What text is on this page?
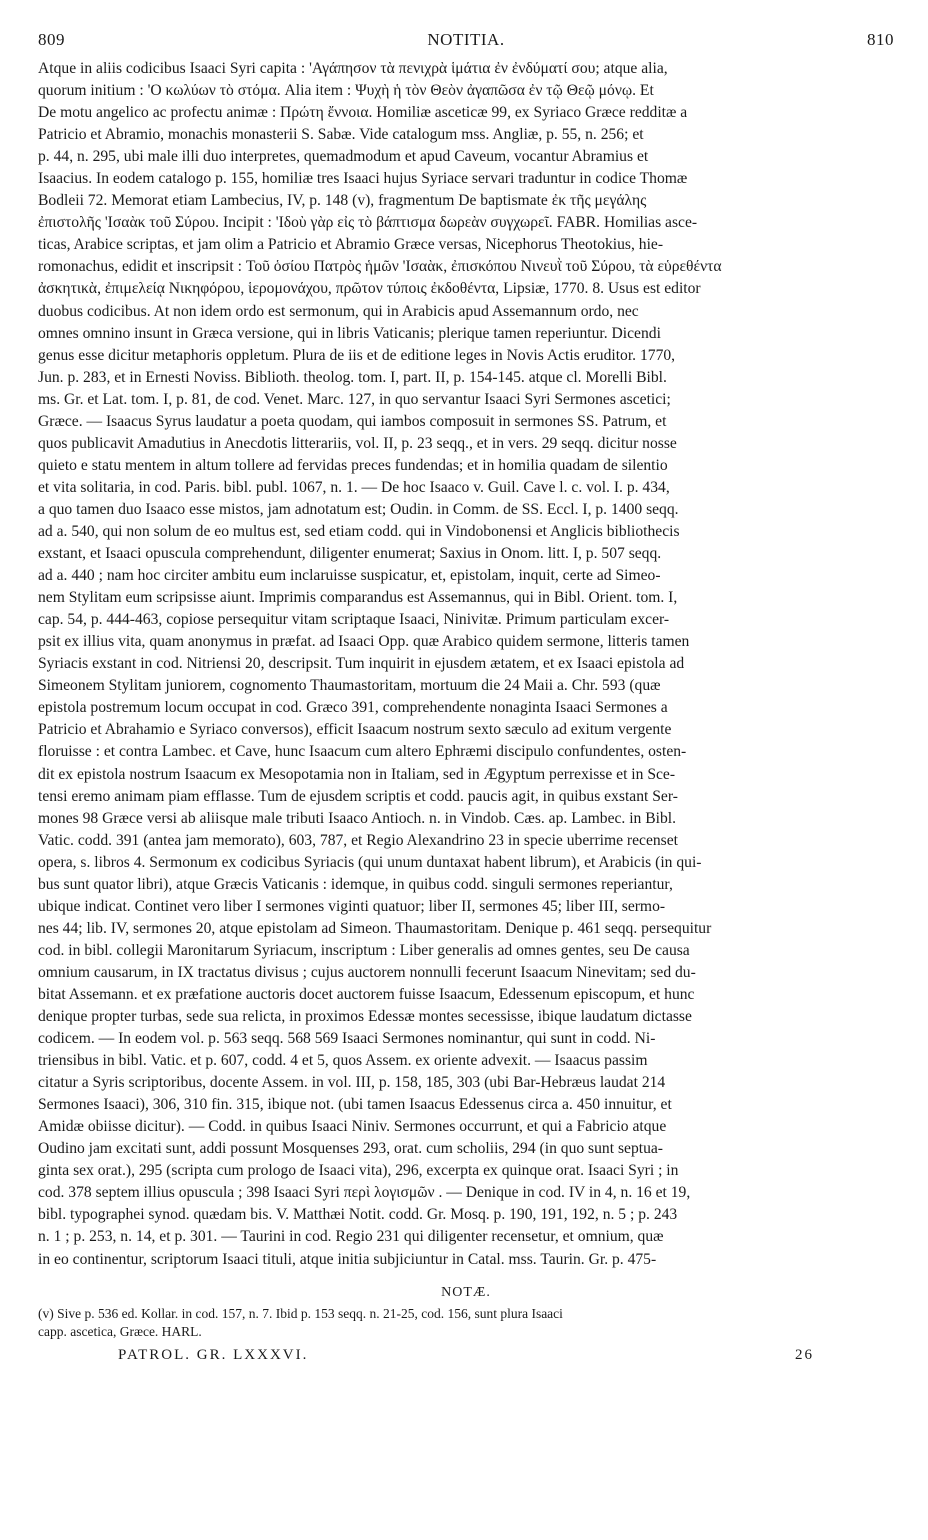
809	NOTITIA.	810
Atque in aliis codicibus Isaaci Syri capita : 'Αγάπησον τὰ πενιχρὰ ἱμάτια ἐν ἐνδύματί σου; atque alia,
quorum initium : 'Ο κωλύων τὸ στόμα. Alia item : Ψυχὴ ἡ τὸν Θεὸν ἀγαπῶσα ἐν τῷ Θεῷ μόνῳ. Et
De motu angelico ac profectu animæ : Πρώτη ἔννοια. Homiliæ asceticæ 99, ex Syriaco Græce redditæ a
Patricio et Abramio, monachis monasterii S. Sabæ. Vide catalogum mss. Angliæ, p. 55, n. 256; et
p. 44, n. 295, ubi male illi duo interpretes, quemadmodum et apud Caveum, vocantur Abramius et
Isaacius. In eodem catalogo p. 155, homiliæ tres Isaaci hujus Syriace servari traduntur in codice Thomæ
Bodleii 72. Memorat etiam Lambecius, IV, p. 148 (v), fragmentum De baptismate ἐκ τῆς μεγάλης
ἐπιστολῆς 'Ισαὰκ τοῦ Σύρου. Incipit : 'Ιδοὺ γὰρ εἰς τὸ βάπτισμα δωρεὰν συγχωρεῖ. FABR. Homilias asce-
ticas, Arabice scriptas, et jam olim a Patricio et Abramio Græce versas, Nicephorus Theotokius, hie-
romonachus, edidit et inscripsit : Τοῦ ὁσίου Πατρὸς ἡμῶν 'Ισαὰκ, ἐπισκόπου Νινευῒ τοῦ Σύρου, τὰ εὑρεθέντα
ἀσκητικὰ, ἐπιμελείᾳ Νικηφόρου, ἱερομονάχου, πρῶτον τύποις ἐκδοθέντα, Lipsiæ, 1770. 8. Usus est editor
duobus codicibus. At non idem ordo est sermonum, qui in Arabicis apud Assemannum ordo, nec
omnes omnino insunt in Græca versione, qui in libris Vaticanis; plerique tamen reperiuntur. Dicendi
genus esse dicitur metaphoris oppletum. Plura de iis et de editione leges in Novis Actis eruditor. 1770,
Jun. p. 283, et in Ernesti Noviss. Biblioth. theolog. tom. I, part. II, p. 154-145. atque cl. Morelli Bibl.
ms. Gr. et Lat. tom. I, p. 81, de cod. Venet. Marc. 127, in quo servantur Isaaci Syri Sermones ascetici;
Græce. — Isaacus Syrus laudatur a poeta quodam, qui iambos composuit in sermones SS. Patrum, et
quos publicavit Amadutius in Anecdotis litterariis, vol. II, p. 23 seqq., et in vers. 29 seqq. dicitur nosse
quieto e statu mentem in altum tollere ad fervidas preces fundendas; et in homilia quadam de silentio
et vita solitaria, in cod. Paris. bibl. publ. 1067, n. 1. — De hoc Isaaco v. Guil. Cave l. c. vol. I. p. 434,
a quo tamen duo Isaaco esse mistos, jam adnotatum est; Oudin. in Comm. de SS. Eccl. I, p. 1400 seqq.
ad a. 540, qui non solum de eo multus est, sed etiam codd. qui in Vindobonensi et Anglicis bibliothecis
exstant, et Isaaci opuscula comprehendunt, diligenter enumerat; Saxius in Onom. litt. I, p. 507 seqq.
ad a. 440 ; nam hoc circiter ambitu eum inclaruisse suspicatur, et, epistolam, inquit, certe ad Simeo-
nem Stylitam eum scripsisse aiunt. Imprimis comparandus est Assemannus, qui in Bibl. Orient. tom. I,
cap. 54, p. 444-463, copiose persequitur vitam scriptaque Isaaci, Ninivitæ. Primum particulam excer-
psit ex illius vita, quam anonymus in præfat. ad Isaaci Opp. quæ Arabico quidem sermone, litteris tamen
Syriacis exstant in cod. Nitriensi 20, descripsit. Tum inquirit in ejusdem ætatem, et ex Isaaci epistola ad
Simeonem Stylitam juniorem, cognomento Thaumastoritam, mortuum die 24 Maii a. Chr. 593 (quæ
epistola postremum locum occupat in cod. Græco 391, comprehendente nonaginta Isaaci Sermones a
Patricio et Abrahamio e Syriaco conversos), efficit Isaacum nostrum sexto sæculo ad exitum vergente
floruisse : et contra Lambec. et Cave, hunc Isaacum cum altero Ephræmi discipulo confundentes, osten-
dit ex epistola nostrum Isaacum ex Mesopotamia non in Italiam, sed in Ægyptum perrexisse et in Sce-
tensi eremo animam piam efflasse. Tum de ejusdem scriptis et codd. paucis agit, in quibus exstant Ser-
mones 98 Græce versi ab aliisque male tributi Isaaco Antioch. n. in Vindob. Cæs. ap. Lambec. in Bibl.
Vatic. codd. 391 (antea jam memorato), 603, 787, et Regio Alexandrino 23 in specie uberrime recenset
opera, s. libros 4. Sermonum ex codicibus Syriacis (qui unum duntaxat habent librum), et Arabicis (in qui-
bus sunt quator libri), atque Græcis Vaticanis : idemque, in quibus codd. singuli sermones reperiantur,
ubique indicat. Continet vero liber I sermones viginti quatuor; liber II, sermones 45; liber III, sermo-
nes 44; lib. IV, sermones 20, atque epistolam ad Simeon. Thaumastoritam. Denique p. 461 seqq. persequitur
cod. in bibl. collegii Maronitarum Syriacum, inscriptum : Liber generalis ad omnes gentes, seu De causa
omnium causarum, in IX tractatus divisus ; cujus auctorem nonnulli fecerunt Isaacum Ninevitam; sed du-
bitat Assemann. et ex præfatione auctoris docet auctorem fuisse Isaacum, Edessenum episcopum, et hunc
denique propter turbas, sede sua relicta, in proximos Edessæ montes secessisse, ibique laudatum dictasse
codicem. — In eodem vol. p. 563 seqq. 568 569 Isaaci Sermones nominantur, qui sunt in codd. Ni-
triensibus in bibl. Vatic. et p. 607, codd. 4 et 5, quos Assem. ex oriente advexit. — Isaacus passim
citatur a Syris scriptoribus, docente Assem. in vol. III, p. 158, 185, 303 (ubi Bar-Hebræus laudat 214
Sermones Isaaci), 306, 310 fin. 315, ibique not. (ubi tamen Isaacus Edessenus circa a. 450 innuitur, et
Amidæ obiisse dicitur). — Codd. in quibus Isaaci Niniv. Sermones occurrunt, et qui a Fabricio atque
Oudino jam excitati sunt, addi possunt Mosquenses 293, orat. cum scholiis, 294 (in quo sunt septua-
ginta sex orat.), 295 (scripta cum prologo de Isaaci vita), 296, excerpta ex quinque orat. Isaaci Syri ; in
cod. 378 septem illius opuscula ; 398 Isaaci Syri περὶ λογισμῶν . — Denique in cod. IV in 4, n. 16 et 19,
bibl. typographei synod. quædam bis. V. Matthæi Notit. codd. Gr. Mosq. p. 190, 191, 192, n. 5 ; p. 243
n. 1 ; p. 253, n. 14, et p. 301. — Taurini in cod. Regio 231 qui diligenter recensetur, et omnium, quæ
in eo continentur, scriptorum Isaaci tituli, atque initia subjiciuntur in Catal. mss. Taurin. Gr. p. 475-
NOTÆ.
(v) Sive p. 536 ed. Kollar. in cod. 157, n. 7. Ibid p. 153 seqq. n. 21-25, cod. 156, sunt plura Isaaci
capp. ascetica, Græce. HARL.
PATROL. GR. LXXXVI.	26
